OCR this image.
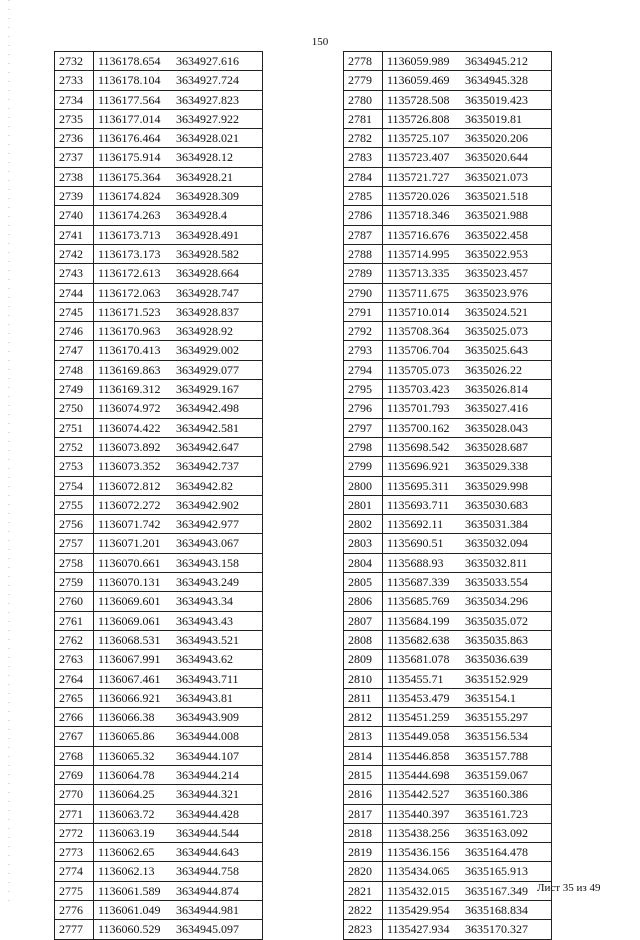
150
2732	1136178.654 3634927.616
2733	1136178.104 3634927.724
2734	1136177.564 3634927.823
2735	1136177.014 3634927.922
2736	1136176.464 3634928.021
2737	1136175.914 3634928.12
2738	1136175.364 3634928.21
2739	1136174.824 3634928.309
2740	1136174.263 3634928.4
2741	1136173.713 3634928.491
2742	1136173.173 3634928.582
2743	1136172.613 3634928.664
2744	1136172.063 3634928.747
2745	1136171.523 3634928.837
2746	1136170.963 3634928.92
2747	1136170.413 3634929.002
2748	1136169.863 3634929.077
2749	1136169.312 3634929.167
2750	1136074.972 3634942.498
2751	1136074.422 3634942.581
2752	1136073.892 3634942.647
2753	1136073.352 3634942.737
2754	1136072.812 3634942.82
2755	1136072.272 3634942.902
2756	1136071.742 3634942.977
2757	1136071.201 3634943.067
2758	1136070.661 3634943.158
2759	1136070.131 3634943.249
2760	1136069.601 3634943.34
2761	1136069.061 3634943.43
2762	1136068.531 3634943.521
2763	1136067.991 3634943.62
2764	1136067.461 3634943.711
2765	1136066.921 3634943.81
2766	1136066.38 3634943.909
2767	1136065.86 3634944.008
2768	1136065.32 3634944.107
2769	1136064.78 3634944.214
2770	1136064.25 3634944.321
2771	1136063.72 3634944.428
2772	1136063.19 3634944.544
2773	1136062.65 3634944.643
2774	1136062.13 3634944.758
2775	1136061.589 3634944.874
2776	1136061.049 3634944.981
2777	1136060.529 3634945.097
2778	1136059.989 3634945.212
2779	1136059.469 3634945.328
2780	1135728.508 3635019.423
2781	1135726.808 3635019.81
2782	1135725.107 3635020.206
2783	1135723.407 3635020.644
2784	1135721.727 3635021.073
2785	1135720.026 3635021.518
2786	1135718.346 3635021.988
2787	1135716.676 3635022.458
2788	1135714.995 3635022.953
2789	1135713.335 3635023.457
2790	1135711.675 3635023.976
2791	1135710.014 3635024.521
2792	1135708.364 3635025.073
2793	1135706.704 3635025.643
2794	1135705.073 3635026.22
2795	1135703.423 3635026.814
2796	1135701.793 3635027.416
2797	1135700.162 3635028.043
2798	1135698.542 3635028.687
2799	1135696.921 3635029.338
2800	1135695.311 3635029.998
2801	1135693.711 3635030.683
2802	1135692.11 3635031.384
2803	1135690.51 3635032.094
2804	1135688.93 3635032.811
2805	1135687.339 3635033.554
2806	1135685.769 3635034.296
2807	1135684.199 3635035.072
2808	1135682.638 3635035.863
2809	1135681.078 3635036.639
2810	1135455.71 3635152.929
2811	1135453.479 3635154.1
2812	1135451.259 3635155.297
2813	1135449.058 3635156.534
2814	1135446.858 3635157.788
2815	1135444.698 3635159.067
2816	1135442.527 3635160.386
2817	1135440.397 3635161.723
2818	1135438.256 3635163.092
2819	1135436.156 3635164.478
2820	1135434.065 3635165.913
2821	1135432.015 3635167.349
2822	1135429.954 3635168.834
2823	1135427.934 3635170.327
Лист 35 из 49
